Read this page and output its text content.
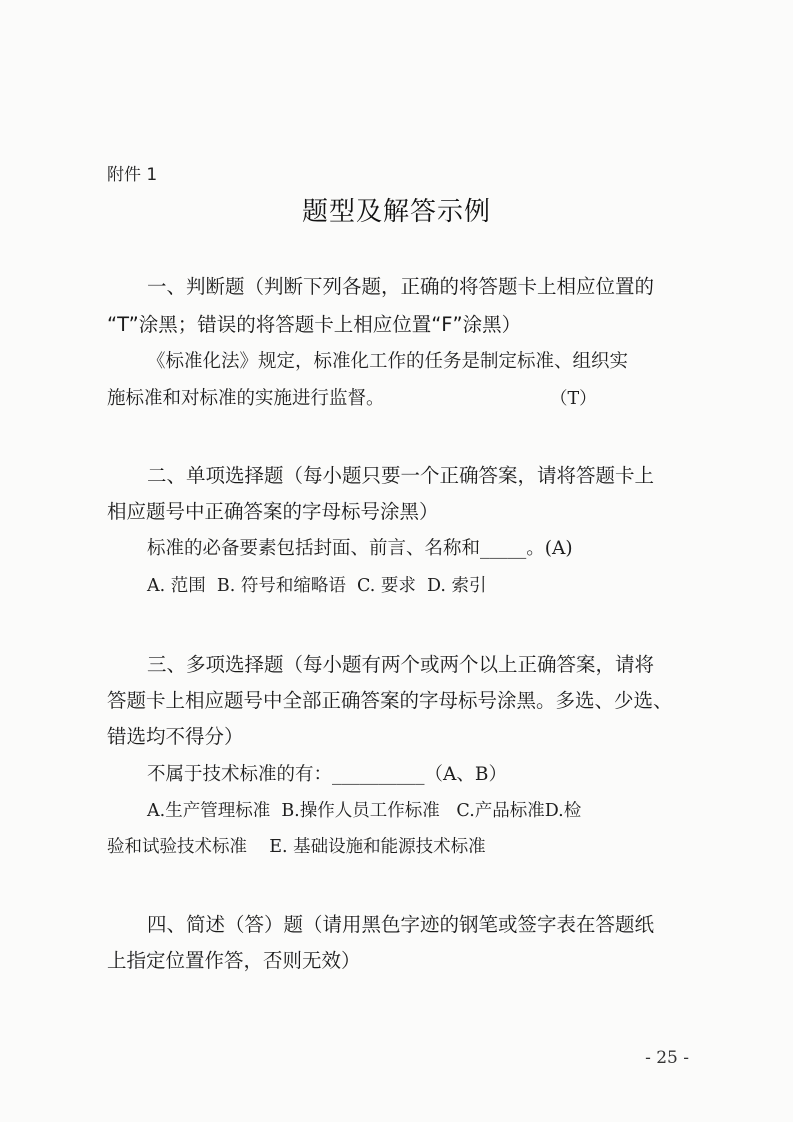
附件 1
题型及解答示例
一、判断题（判断下列各题，正确的将答题卡上相应位置的
“T”涂黑；错误的将答题卡上相应位置“F”涂黑）
《标准化法》规定，标准化工作的任务是制定标准、组织实
施标准和对标准的实施进行监督。	（T）
二、单项选择题（每小题只要一个正确答案，请将答题卡上
相应题号中正确答案的字母标号涂黑）
标准的必备要素包括封面、前言、名称和_____。(A)
A. 范围  B. 符号和缩略语  C. 要求  D. 索引
三、多项选择题（每小题有两个或两个以上正确答案，请将
答题卡上相应题号中全部正确答案的字母标号涂黑。多选、少选、
错选均不得分）
不属于技术标准的有：__________（A、B）
A.生产管理标准  B.操作人员工作标准   C.产品标准D.检
验和试验技术标准    E. 基础设施和能源技术标准
四、简述（答）题（请用黑色字迹的钢笔或签字表在答题纸
上指定位置作答，否则无效）
- 25 -
